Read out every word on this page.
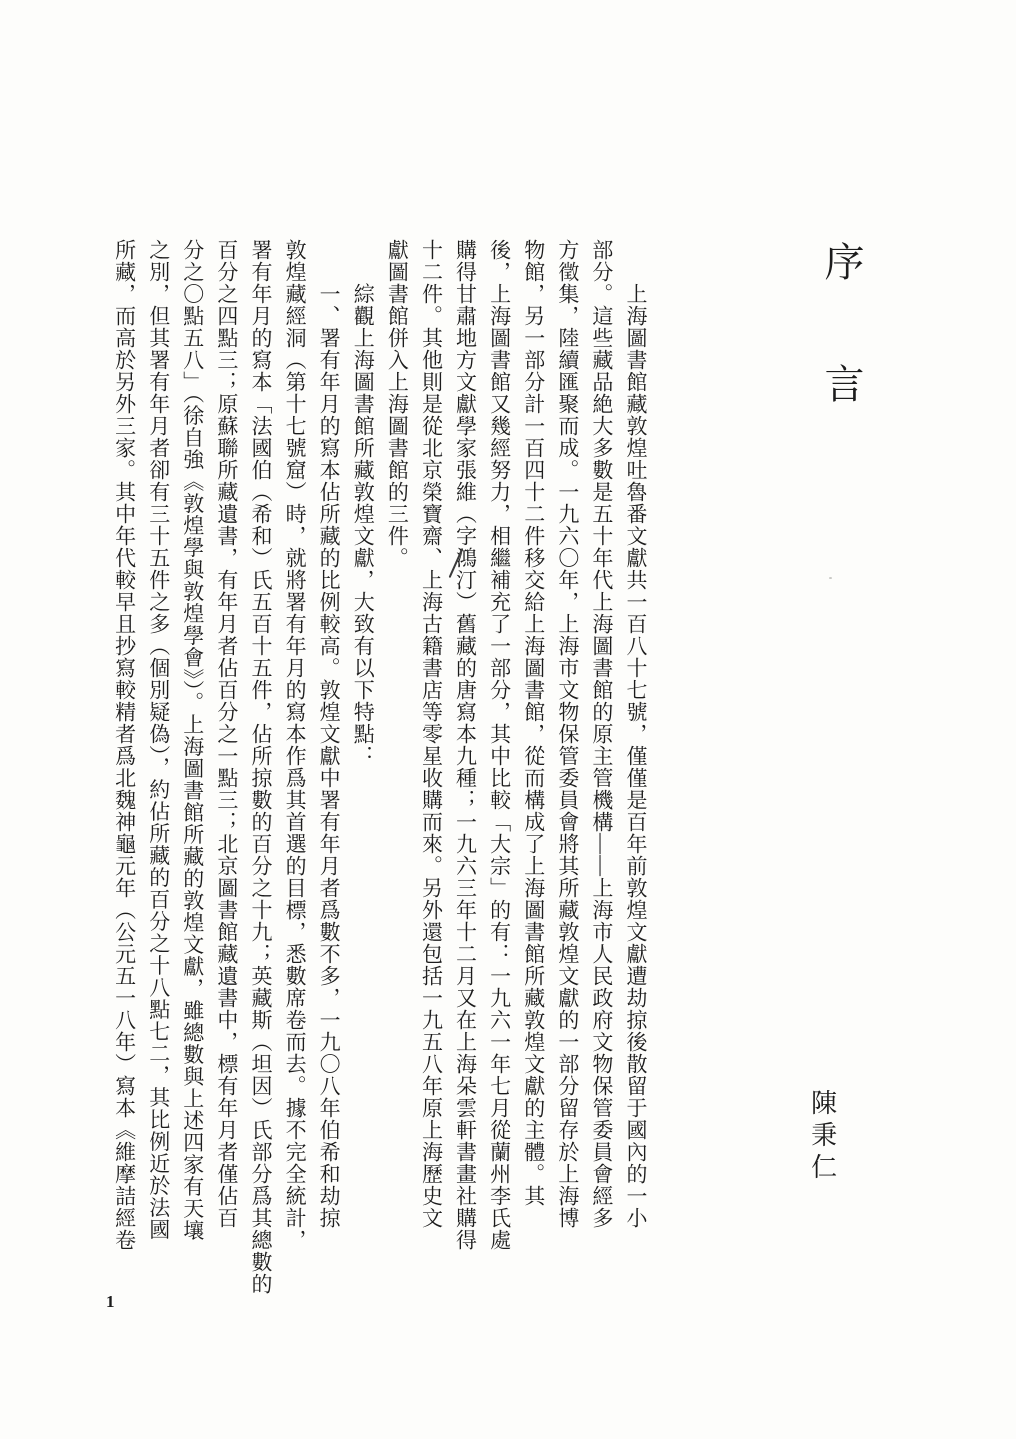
序言
陳秉仁
　　上海圖書館藏敦煌吐魯番文獻共一百八十七號，僅僅是百年前敦煌文獻遭劫掠後散留于國內的一小
部分。這些藏品絶大多數是五十年代上海圖書館的原主管機構——上海市人民政府文物保管委員會經多
方徵集，陸續匯聚而成。一九六〇年，上海市文物保管委員會將其所藏敦煌文獻的一部分留存於上海博
物館，另一部分計一百四十二件移交給上海圖書館，從而構成了上海圖書館所藏敦煌文獻的主體。其
後，上海圖書館又幾經努力，相繼補充了一部分，其中比較「大宗」的有：一九六一年七月從蘭州李氏處
購得甘肅地方文獻學家張維（字鴻汀）舊藏的唐寫本九種；一九六三年十二月又在上海朵雲軒書畫社購得
十二件。其他則是從北京榮寶齋、上海古籍書店等零星收購而來。另外還包括一九五八年原上海歷史文
獻圖書館併入上海圖書館的三件。
　　綜觀上海圖書館所藏敦煌文獻，大致有以下特點：
　　一、署有年月的寫本佔所藏的比例較高。敦煌文獻中署有年月者爲數不多，一九〇八年伯希和劫掠
敦煌藏經洞（第十七號窟）時，就將署有年月的寫本作爲其首選的目標，悉數席卷而去。據不完全統計，
署有年月的寫本「法國伯（希和）氏五百十五件，佔所掠數的百分之十九；英藏斯（坦因）氏部分爲其總數的
百分之四點三；原蘇聯所藏遺書，有年月者佔百分之一點三；北京圖書館藏遺書中，標有年月者僅佔百
分之〇點五八」（徐自強《敦煌學與敦煌學會》）。上海圖書館所藏的敦煌文獻，雖總數與上述四家有天壤
之別，但其署有年月者卻有三十五件之多（個別疑偽），約佔所藏的百分之十八點七二，其比例近於法國
所藏，而高於另外三家。其中年代較早且抄寫較精者爲北魏神龜元年（公元五一八年）寫本《維摩詰經卷
1
